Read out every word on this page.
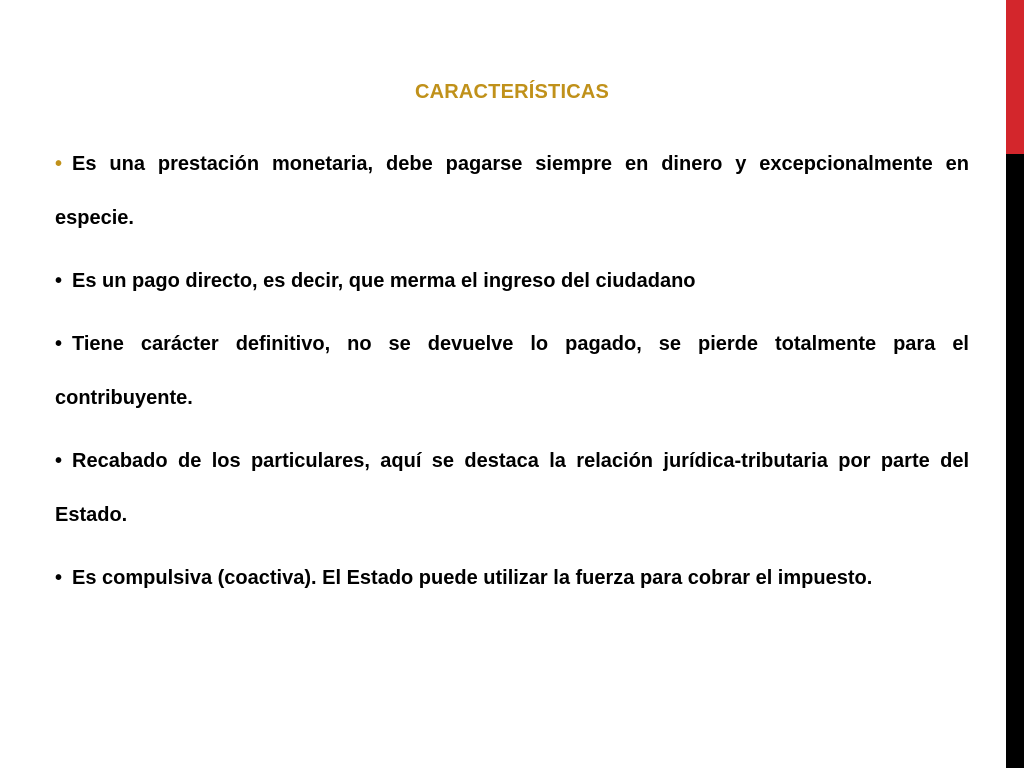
CARACTERÍSTICAS

• Es una prestación monetaria, debe pagarse siempre en dinero y excepcionalmente en especie.

• Es un pago directo, es decir, que merma el ingreso del ciudadano

• Tiene carácter definitivo, no se devuelve lo pagado, se pierde totalmente para el contribuyente.

• Recabado de los particulares, aquí se destaca la relación jurídica-tributaria por parte del Estado.

• Es compulsiva (coactiva). El Estado puede utilizar la fuerza para cobrar el impuesto.
